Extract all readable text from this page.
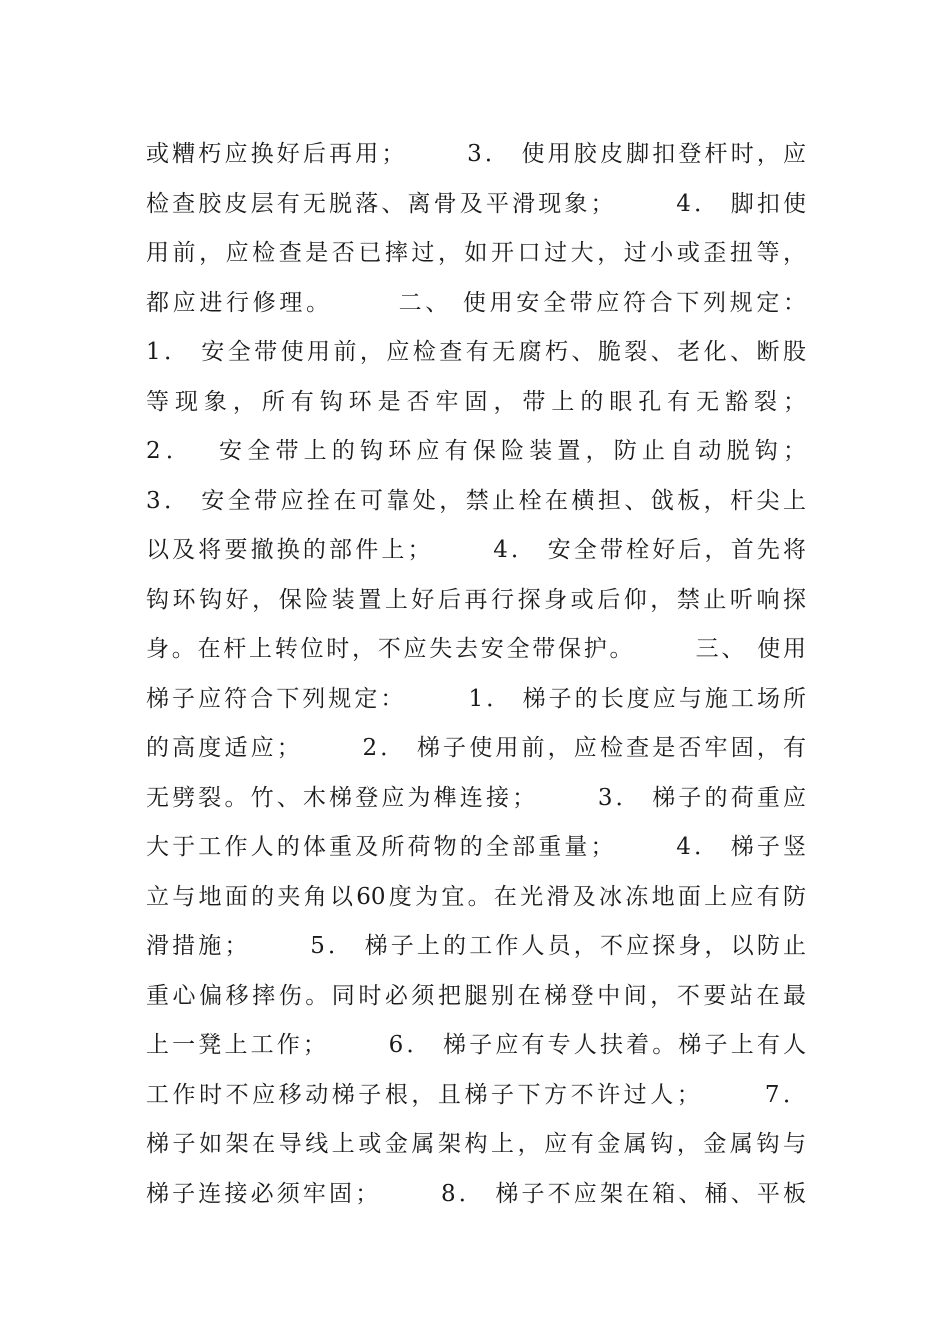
或糟朽应换好后再用；      3． 使用胶皮脚扣登杆时，应
检查胶皮层有无脱落、离骨及平滑现象；      4． 脚扣使
用前，应检查是否已摔过，如开口过大，过小或歪扭等，
都应进行修理。      二、 使用安全带应符合下列规定：
1． 安全带使用前，应检查有无腐朽、脆裂、老化、断股
等现象，所有钩环是否牢固，带上的眼孔有无豁裂；
2．  安全带上的钩环应有保险装置，防止自动脱钩；
3． 安全带应拴在可靠处，禁止栓在横担、戗板，杆尖上
以及将要撤换的部件上；      4． 安全带栓好后，首先将
钩环钩好，保险装置上好后再行探身或后仰，禁止听响探
身。在杆上转位时，不应失去安全带保护。      三、 使用
梯子应符合下列规定：      1． 梯子的长度应与施工场所
的高度适应；      2． 梯子使用前，应检查是否牢固，有
无劈裂。竹、木梯登应为榫连接；      3． 梯子的荷重应
大于工作人的体重及所荷物的全部重量；      4． 梯子竖
立与地面的夹角以60度为宜。在光滑及冰冻地面上应有防
滑措施；      5． 梯子上的工作人员，不应探身，以防止
重心偏移摔伤。同时必须把腿别在梯登中间，不要站在最
上一凳上工作；      6． 梯子应有专人扶着。梯子上有人
工作时不应移动梯子根，且梯子下方不许过人；      7．
梯子如架在导线上或金属架构上，应有金属钩，金属钩与
梯子连接必须牢固；      8． 梯子不应架在箱、桶、平板
